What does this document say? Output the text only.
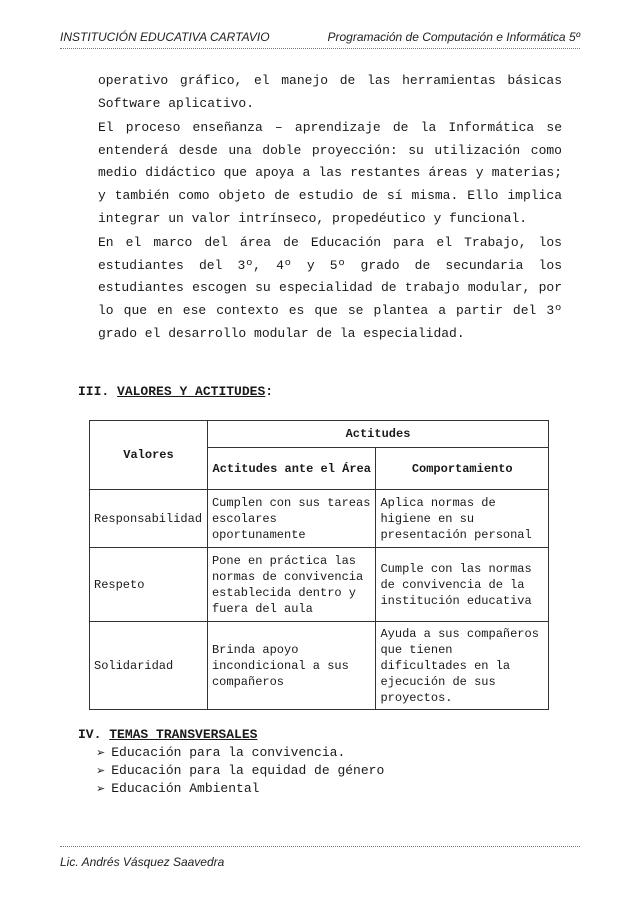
INSTITUCIÓN EDUCATIVA CARTAVIO	Programación de Computación e Informática 5º

operativo gráfico, el manejo de las herramientas básicas Software aplicativo.

El proceso enseñanza – aprendizaje de la Informática se entenderá desde una doble proyección: su utilización como medio didáctico que apoya a las restantes áreas y materias; y también como objeto de estudio de sí misma. Ello implica integrar un valor intrínseco, propedéutico y funcional.

En el marco del área de Educación para el Trabajo, los estudiantes del 3º, 4º y 5º grado de secundaria los estudiantes escogen su especialidad de trabajo modular, por lo que en ese contexto es que se plantea a partir del 3º grado el desarrollo modular de la especialidad.

III. VALORES Y ACTITUDES:
Valores	Actitudes	
	Actitudes ante el Área	Comportamiento
Responsabilidad	Cumplen con sus tareas escolares oportunamente	Aplica normas de higiene en su presentación personal
Respeto	Pone en práctica las normas de convivencia establecida dentro y fuera del aula	Cumple con las normas de convivencia de la institución educativa
Solidaridad	Brinda apoyo incondicional a sus compañeros	Ayuda a sus compañeros que tienen dificultades en la ejecución de sus proyectos.
IV. TEMAS TRANSVERSALES
➢ Educación para la convivencia.
➢ Educación para la equidad de género
➢ Educación Ambiental
Lic. Andrés Vásquez Saavedra
